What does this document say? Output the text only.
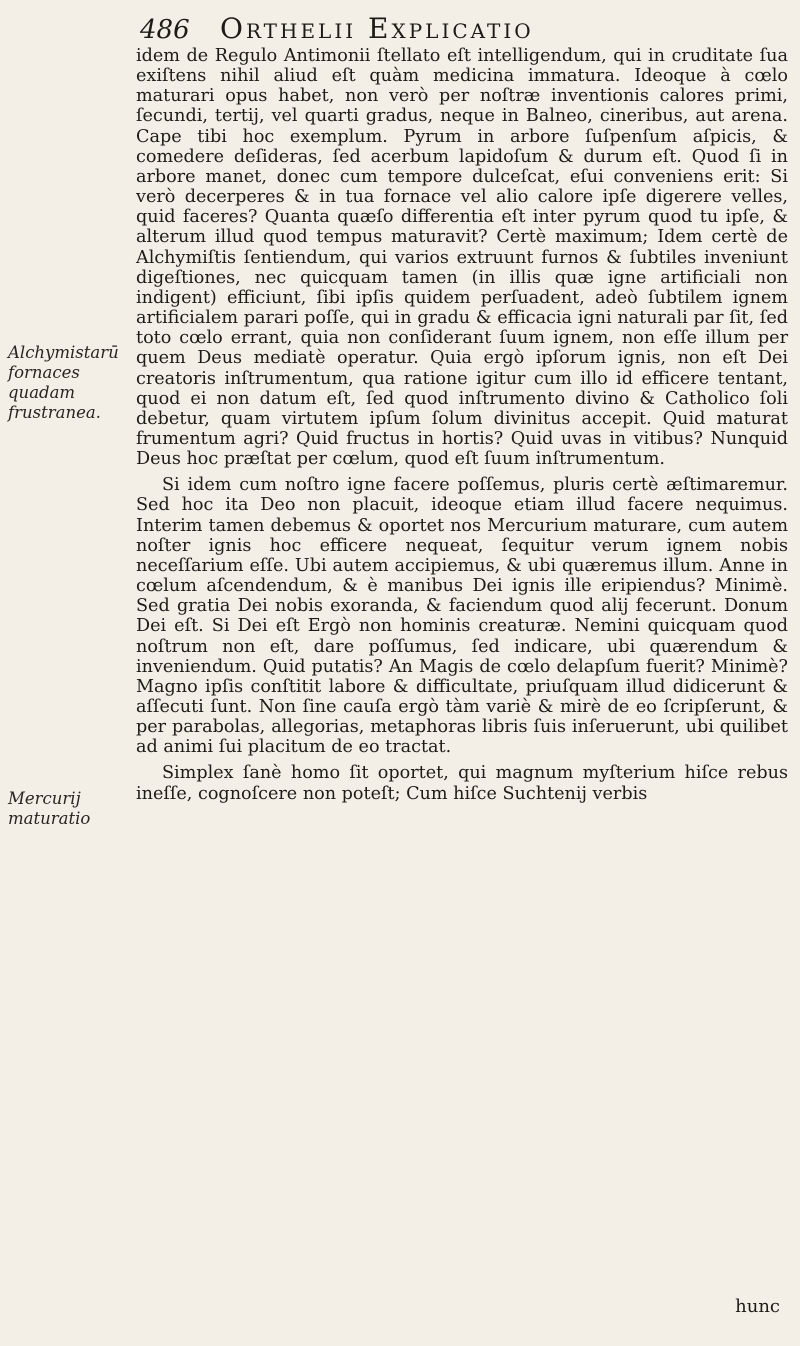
486	Orthelii Explicatio
Alchymistarū fornaces quadam frustranea.
Mercurij maturatio

idem de Regulo Antimonii ſtellato eſt intelligendum, qui in cruditate ſua exiſtens nihil aliud eſt quàm medicina immatura. Ideoque à cœlo maturari opus habet, non verò per noſtræ inventionis calores primi, ſecundi, tertij, vel quarti gradus, neque in Balneo, cineribus, aut arena. Cape tibi hoc exemplum. Pyrum in arbore ſuſpenſum aſpicis, & comedere deſideras, ſed acerbum lapidoſum & durum eſt. Quod ſi in arbore manet, donec cum tempore dulceſcat, eſui conveniens erit: Si verò decerperes & in tua fornace vel alio calore ipſe digerere velles, quid faceres? Quanta quæſo differentia eſt inter pyrum quod tu ipſe, & alterum illud quod tempus maturavit? Certè maximum; Idem certè de Alchymiſtis ſentiendum, qui varios extruunt furnos & ſubtiles inveniunt digeſtiones, nec quicquam tamen (in illis quæ igne artificiali non indigent) efficiunt, ſibi ipſis quidem perſuadent, adeò ſubtilem ignem artificialem parari poſſe, qui in gradu & efficacia igni naturali par ſit, ſed toto cœlo errant, quia non conſiderant ſuum ignem, non eſſe illum per quem Deus mediatè operatur. Quia ergò ipſorum ignis, non eſt Dei creatoris inſtrumentum, qua ratione igitur cum illo id efficere tentant, quod ei non datum eſt, ſed quod inſtrumento divino & Catholico ſoli debetur, quam virtutem ipſum ſolum divinitus accepit. Quid maturat frumentum agri? Quid fructus in hortis? Quid uvas in vitibus? Nunquid Deus hoc præſtat per cœlum, quod eſt ſuum inſtrumentum.

Si idem cum noſtro igne facere poſſemus, pluris certè æſtimaremur. Sed hoc ita Deo non placuit, ideoque etiam illud facere nequimus. Interim tamen debemus & oportet nos Mercurium maturare, cum autem noſter ignis hoc efficere nequeat, ſequitur verum ignem nobis neceſſarium eſſe. Ubi autem accipiemus, & ubi quæremus illum. Anne in cœlum aſcendendum, & è manibus Dei ignis ille eripiendus? Minimè. Sed gratia Dei nobis exoranda, & faciendum quod alij fecerunt. Donum Dei eſt. Si Dei eſt Ergò non hominis creaturæ. Nemini quicquam quod noſtrum non eſt, dare poſſumus, ſed indicare, ubi quærendum & inveniendum. Quid putatis? An Magis de cœlo delapſum fuerit? Minimè? Magno ipſis conſtitit labore & difficultate, priuſquam illud didicerunt & aſſecuti ſunt. Non ſine cauſa ergò tàm variè & mirè de eo ſcripſerunt, & per parabolas, allegorias, metaphoras libris ſuis inſeruerunt, ubi quilibet ad animi ſui placitum de eo tractat.

Simplex ſanè homo ſit oportet, qui magnum myſterium hiſce rebus ineſſe, cognoſcere non poteſt; Cum hiſce Suchtenij verbis

hunc
